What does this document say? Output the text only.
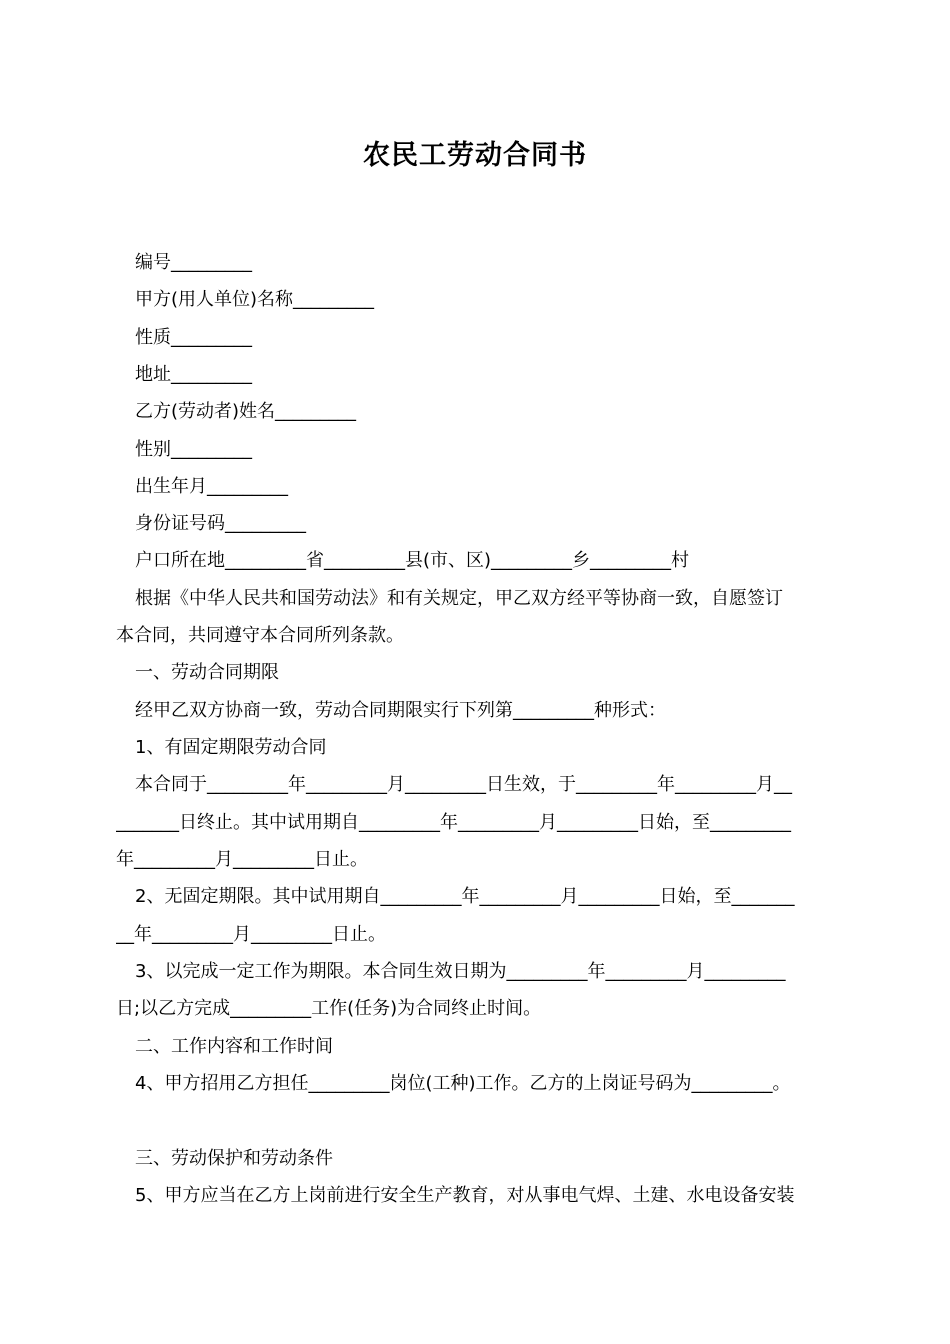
农民工劳动合同书
编号_________
甲方(用人单位)名称_________
性质_________
地址_________
乙方(劳动者)姓名_________
性别_________
出生年月_________
身份证号码_________
户口所在地_________省_________县(市、区)_________乡_________村
根据《中华人民共和国劳动法》和有关规定，甲乙双方经平等协商一致，自愿签订
本合同，共同遵守本合同所列条款。
一、劳动合同期限
经甲乙双方协商一致，劳动合同期限实行下列第_________种形式：
1、有固定期限劳动合同
本合同于_________年_________月_________日生效，于_________年_________月__
_______日终止。其中试用期自_________年_________月_________日始，至_________
年_________月_________日止。
2、无固定期限。其中试用期自_________年_________月_________日始，至_______
__年_________月_________日止。
3、以完成一定工作为期限。本合同生效日期为_________年_________月_________
日;以乙方完成_________工作(任务)为合同终止时间。
二、工作内容和工作时间
4、甲方招用乙方担任_________岗位(工种)工作。乙方的上岗证号码为_________。
三、劳动保护和劳动条件
5、甲方应当在乙方上岗前进行安全生产教育，对从事电气焊、土建、水电设备安装
